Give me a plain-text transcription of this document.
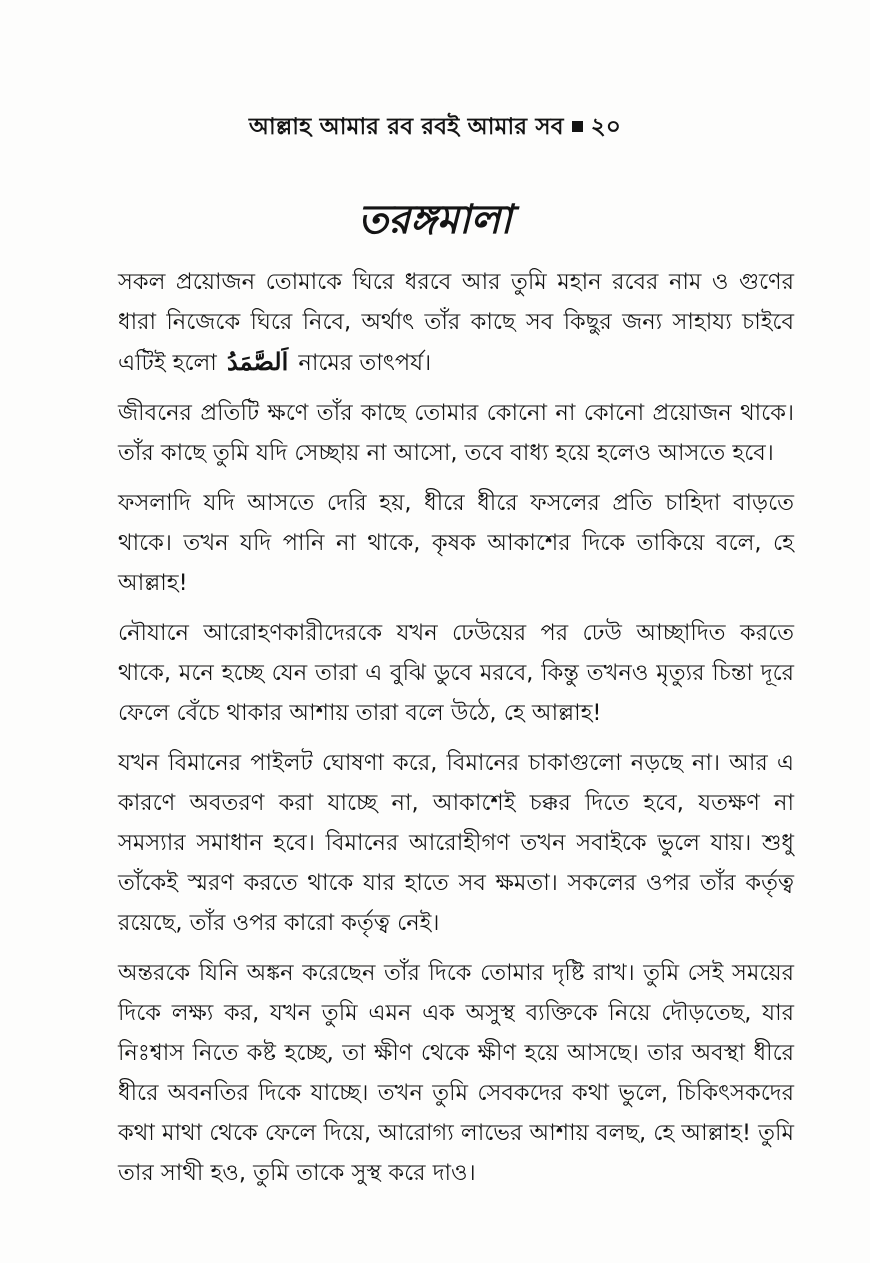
আল্লাহ আমার রব রবই আমার সব ২০
তরঙ্গমালা

সকল প্রয়োজন তোমাকে ঘিরে ধরবে আর তুমি মহান রবের নাম ও গুণের ধারা নিজেকে ঘিরে নিবে, অর্থাৎ তাঁর কাছে সব কিছুর জন্য সাহায্য চাইবে এটিই হলো اَلصَّمَدُ নামের তাৎপর্য।

জীবনের প্রতিটি ক্ষণে তাঁর কাছে তোমার কোনো না কোনো প্রয়োজন থাকে। তাঁর কাছে তুমি যদি সেচ্ছায় না আসো, তবে বাধ্য হয়ে হলেও আসতে হবে।

ফসলাদি যদি আসতে দেরি হয়, ধীরে ধীরে ফসলের প্রতি চাহিদা বাড়তে থাকে। তখন যদি পানি না থাকে, কৃষক আকাশের দিকে তাকিয়ে বলে, হে আল্লাহ!

নৌযানে আরোহণকারীদেরকে যখন ঢেউয়ের পর ঢেউ আচ্ছাদিত করতে থাকে, মনে হচ্ছে যেন তারা এ বুঝি ডুবে মরবে, কিন্তু তখনও মৃত্যুর চিন্তা দূরে ফেলে বেঁচে থাকার আশায় তারা বলে উঠে, হে আল্লাহ!

যখন বিমানের পাইলট ঘোষণা করে, বিমানের চাকাগুলো নড়ছে না। আর এ কারণে অবতরণ করা যাচ্ছে না, আকাশেই চক্কর দিতে হবে, যতক্ষণ না সমস্যার সমাধান হবে। বিমানের আরোহীগণ তখন সবাইকে ভুলে যায়। শুধু তাঁকেই স্মরণ করতে থাকে যার হাতে সব ক্ষমতা। সকলের ওপর তাঁর কর্তৃত্ব রয়েছে, তাঁর ওপর কারো কর্তৃত্ব নেই।

অন্তরকে যিনি অঙ্কন করেছেন তাঁর দিকে তোমার দৃষ্টি রাখ। তুমি সেই সময়ের দিকে লক্ষ্য কর, যখন তুমি এমন এক অসুস্থ ব্যক্তিকে নিয়ে দৌড়তেছ, যার নিঃশ্বাস নিতে কষ্ট হচ্ছে, তা ক্ষীণ থেকে ক্ষীণ হয়ে আসছে। তার অবস্থা ধীরে ধীরে অবনতির দিকে যাচ্ছে। তখন তুমি সেবকদের কথা ভুলে, চিকিৎসকদের কথা মাথা থেকে ফেলে দিয়ে, আরোগ্য লাভের আশায় বলছ, হে আল্লাহ! তুমি তার সাথী হও, তুমি তাকে সুস্থ করে দাও।
